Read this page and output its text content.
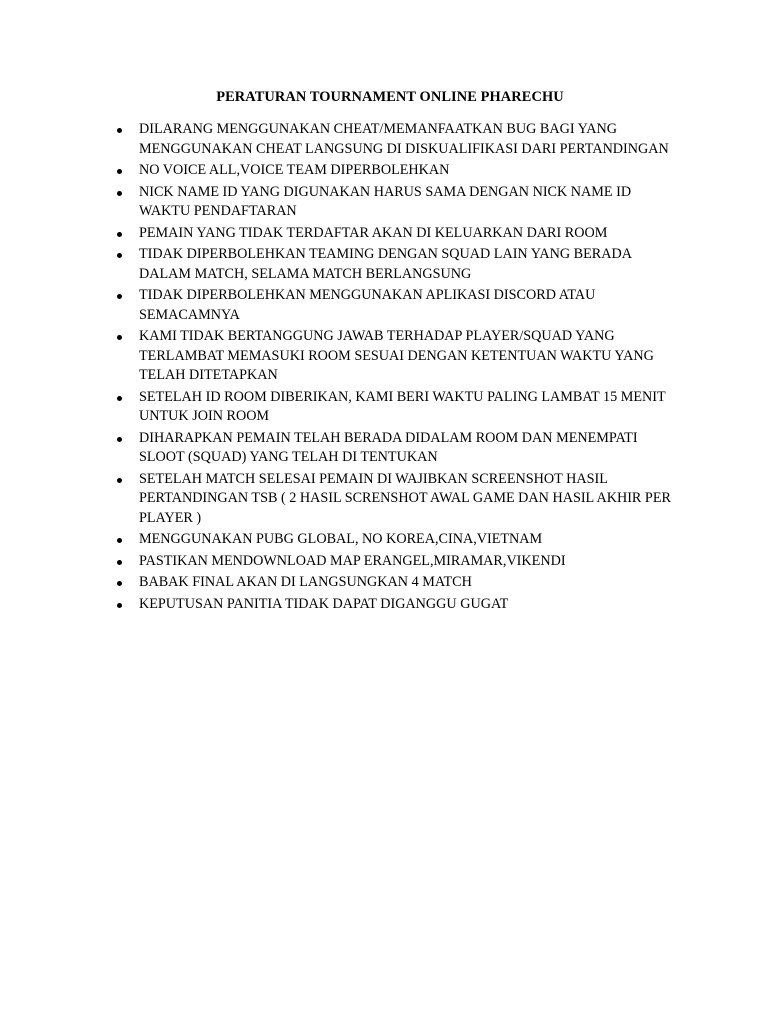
PERATURAN TOURNAMENT ONLINE PHARECHU
DILARANG MENGGUNAKAN CHEAT/MEMANFAATKAN BUG BAGI YANG MENGGUNAKAN CHEAT LANGSUNG DI DISKUALIFIKASI DARI PERTANDINGAN
NO VOICE ALL,VOICE TEAM DIPERBOLEHKAN
NICK NAME ID YANG DIGUNAKAN HARUS SAMA DENGAN NICK NAME ID WAKTU PENDAFTARAN
PEMAIN YANG TIDAK TERDAFTAR AKAN DI KELUARKAN DARI ROOM
TIDAK DIPERBOLEHKAN TEAMING DENGAN SQUAD LAIN YANG BERADA DALAM MATCH, SELAMA MATCH BERLANGSUNG
TIDAK DIPERBOLEHKAN MENGGUNAKAN APLIKASI DISCORD ATAU SEMACAMNYA
KAMI TIDAK BERTANGGUNG JAWAB TERHADAP PLAYER/SQUAD YANG TERLAMBAT MEMASUKI ROOM SESUAI DENGAN KETENTUAN WAKTU YANG TELAH DITETAPKAN
SETELAH ID ROOM DIBERIKAN, KAMI BERI WAKTU PALING LAMBAT 15 MENIT UNTUK JOIN ROOM
DIHARAPKAN PEMAIN TELAH BERADA DIDALAM ROOM DAN MENEMPATI SLOOT (SQUAD) YANG TELAH DI TENTUKAN
SETELAH MATCH SELESAI PEMAIN DI WAJIBKAN SCREENSHOT HASIL PERTANDINGAN TSB ( 2 HASIL SCRENSHOT AWAL GAME DAN HASIL AKHIR PER PLAYER )
MENGGUNAKAN PUBG GLOBAL, NO KOREA,CINA,VIETNAM
PASTIKAN MENDOWNLOAD MAP ERANGEL,MIRAMAR,VIKENDI
BABAK FINAL AKAN DI LANGSUNGKAN 4 MATCH
KEPUTUSAN PANITIA TIDAK DAPAT DIGANGGU GUGAT
